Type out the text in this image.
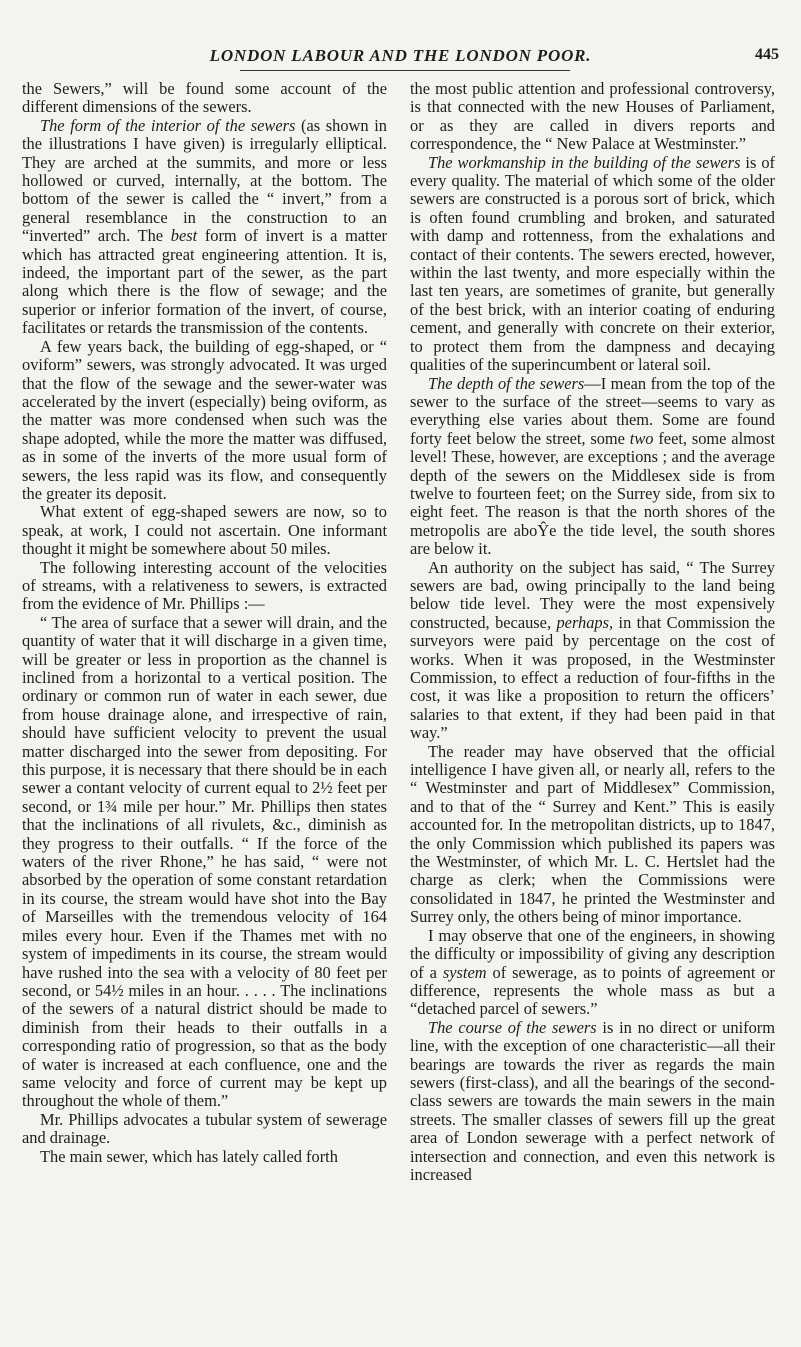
LONDON LABOUR AND THE LONDON POOR.	445

the Sewers,” will be found some account of the different dimensions of the sewers.

The form of the interior of the sewers (as shown in the illustrations I have given) is irregularly elliptical. They are arched at the summits, and more or less hollowed or curved, internally, at the bottom. The bottom of the sewer is called the “ invert,” from a general resemblance in the construction to an “inverted” arch. The best form of invert is a matter which has attracted great engineering attention. It is, indeed, the important part of the sewer, as the part along which there is the flow of sewage; and the superior or inferior formation of the invert, of course, facilitates or retards the transmission of the contents.

A few years back, the building of egg-shaped, or “ oviform” sewers, was strongly advocated. It was urged that the flow of the sewage and the sewer-water was accelerated by the invert (especially) being oviform, as the matter was more condensed when such was the shape adopted, while the more the matter was diffused, as in some of the inverts of the more usual form of sewers, the less rapid was its flow, and consequently the greater its deposit.

What extent of egg-shaped sewers are now, so to speak, at work, I could not ascertain. One informant thought it might be somewhere about 50 miles.

The following interesting account of the velocities of streams, with a relativeness to sewers, is extracted from the evidence of Mr. Phillips :—

“ The area of surface that a sewer will drain, and the quantity of water that it will discharge in a given time, will be greater or less in proportion as the channel is inclined from a horizontal to a vertical position. The ordinary or common run of water in each sewer, due from house drainage alone, and irrespective of rain, should have sufficient velocity to prevent the usual matter discharged into the sewer from depositing. For this purpose, it is necessary that there should be in each sewer a contant velocity of current equal to 2½ feet per second, or 1¾ mile per hour.” Mr. Phillips then states that the inclinations of all rivulets, &c., diminish as they progress to their outfalls. “ If the force of the waters of the river Rhone,” he has said, “ were not absorbed by the operation of some constant retardation in its course, the stream would have shot into the Bay of Marseilles with the tremendous velocity of 164 miles every hour. Even if the Thames met with no system of impediments in its course, the stream would have rushed into the sea with a velocity of 80 feet per second, or 54½ miles in an hour. . . . . The inclinations of the sewers of a natural district should be made to diminish from their heads to their outfalls in a corresponding ratio of progression, so that as the body of water is increased at each confluence, one and the same velocity and force of current may be kept up throughout the whole of them.”

Mr. Phillips advocates a tubular system of sewerage and drainage.

The main sewer, which has lately called forth

the most public attention and professional controversy, is that connected with the new Houses of Parliament, or as they are called in divers reports and correspondence, the “ New Palace at Westminster.”

The workmanship in the building of the sewers is of every quality. The material of which some of the older sewers are constructed is a porous sort of brick, which is often found crumbling and broken, and saturated with damp and rottenness, from the exhalations and contact of their contents. The sewers erected, however, within the last twenty, and more especially within the last ten years, are sometimes of granite, but generally of the best brick, with an interior coating of enduring cement, and generally with concrete on their exterior, to protect them from the dampness and decaying qualities of the superincumbent or lateral soil.

The depth of the sewers—I mean from the top of the sewer to the surface of the street—seems to vary as everything else varies about them. Some are found forty feet below the street, some two feet, some almost level! These, however, are exceptions ; and the average depth of the sewers on the Middlesex side is from twelve to fourteen feet; on the Surrey side, from six to eight feet. The reason is that the north shores of the metropolis are aboŶe the tide level, the south shores are below it.

An authority on the subject has said, “ The Surrey sewers are bad, owing principally to the land being below tide level. They were the most expensively constructed, because, perhaps, in that Commission the surveyors were paid by percentage on the cost of works. When it was proposed, in the Westminster Commission, to effect a reduction of four-fifths in the cost, it was like a proposition to return the officers’ salaries to that extent, if they had been paid in that way.”

The reader may have observed that the official intelligence I have given all, or nearly all, refers to the “ Westminster and part of Middlesex” Commission, and to that of the “ Surrey and Kent.” This is easily accounted for. In the metropolitan districts, up to 1847, the only Commission which published its papers was the Westminster, of which Mr. L. C. Hertslet had the charge as clerk; when the Commissions were consolidated in 1847, he printed the Westminster and Surrey only, the others being of minor importance.

I may observe that one of the engineers, in showing the difficulty or impossibility of giving any description of a system of sewerage, as to points of agreement or difference, represents the whole mass as but a “detached parcel of sewers.”

The course of the sewers is in no direct or uniform line, with the exception of one characteristic—all their bearings are towards the river as regards the main sewers (first-class), and all the bearings of the second-class sewers are towards the main sewers in the main streets. The smaller classes of sewers fill up the great area of London sewerage with a perfect network of intersection and connection, and even this network is increased
